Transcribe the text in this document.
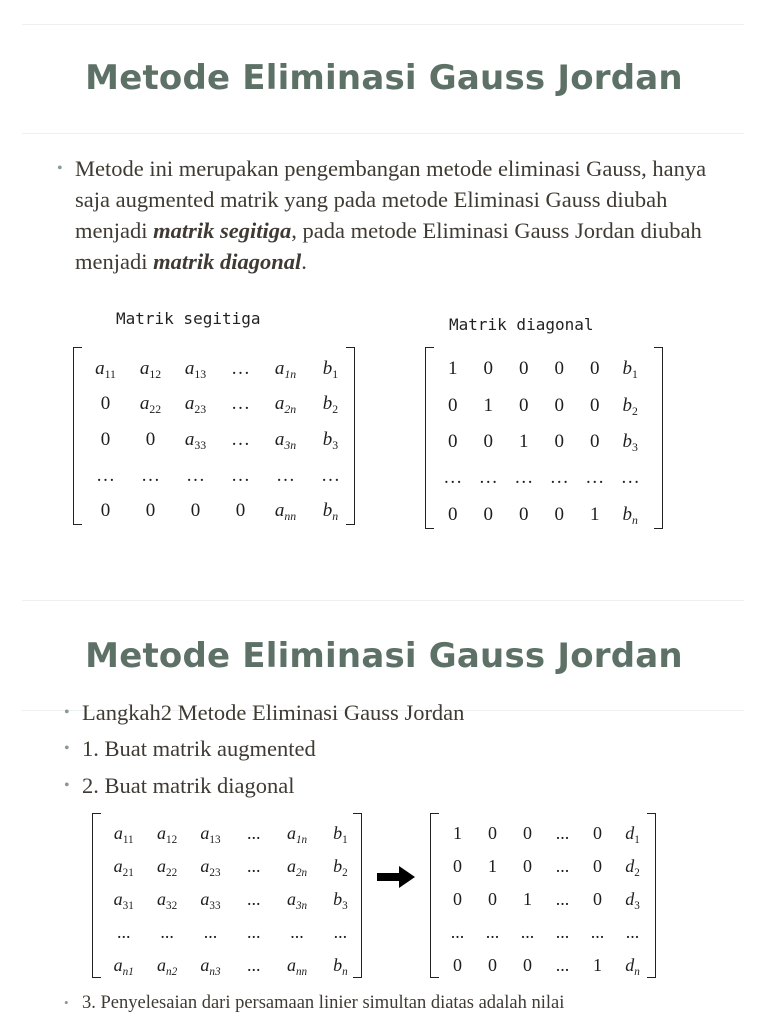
Metode Eliminasi Gauss Jordan
• Metode ini merupakan pengembangan metode eliminasi Gauss, hanya saja augmented matrik yang pada metode Eliminasi Gauss diubah menjadi matrik segitiga, pada metode Eliminasi Gauss Jordan diubah menjadi matrik diagonal.
Matrik segitiga	Matrik diagonal
$a_{11}$	$a_{12}$	$a_{13}$	…	$a_{1n}$	$b_1$
0	$a_{22}$	$a_{23}$	…	$a_{2n}$	$b_2$
0	0	$a_{33}$	…	$a_{3n}$	$b_3$
…	…	…	…	…	…
0	0	0	0	$a_{nn}$	$b_n$
1	0	0	0	0	$b_1$
0	1	0	0	0	$b_2$
0	0	1	0	0	$b_3$
…	…	…	…	…	…
0	0	0	0	1	$b_n$
Metode Eliminasi Gauss Jordan
• Langkah2 Metode Eliminasi Gauss Jordan
• 1. Buat matrik augmented
• 2. Buat matrik diagonal
$a_{11}$	$a_{12}$	$a_{13}$	...	$a_{1n}$	$b_1$
$a_{21}$	$a_{22}$	$a_{23}$	...	$a_{2n}$	$b_2$
$a_{31}$	$a_{32}$	$a_{33}$	...	$a_{3n}$	$b_3$
...	...	...	...	...	...
$a_{n1}$	$a_{n2}$	$a_{n3}$	...	$a_{nn}$	$b_n$
1	0	0	...	0	$d_1$
0	1	0	...	0	$d_2$
0	0	1	...	0	$d_3$
...	...	...	...	...	...
0	0	0	...	1	$d_n$
• 3. Penyelesaian dari persamaan linier simultan diatas adalah nilai
